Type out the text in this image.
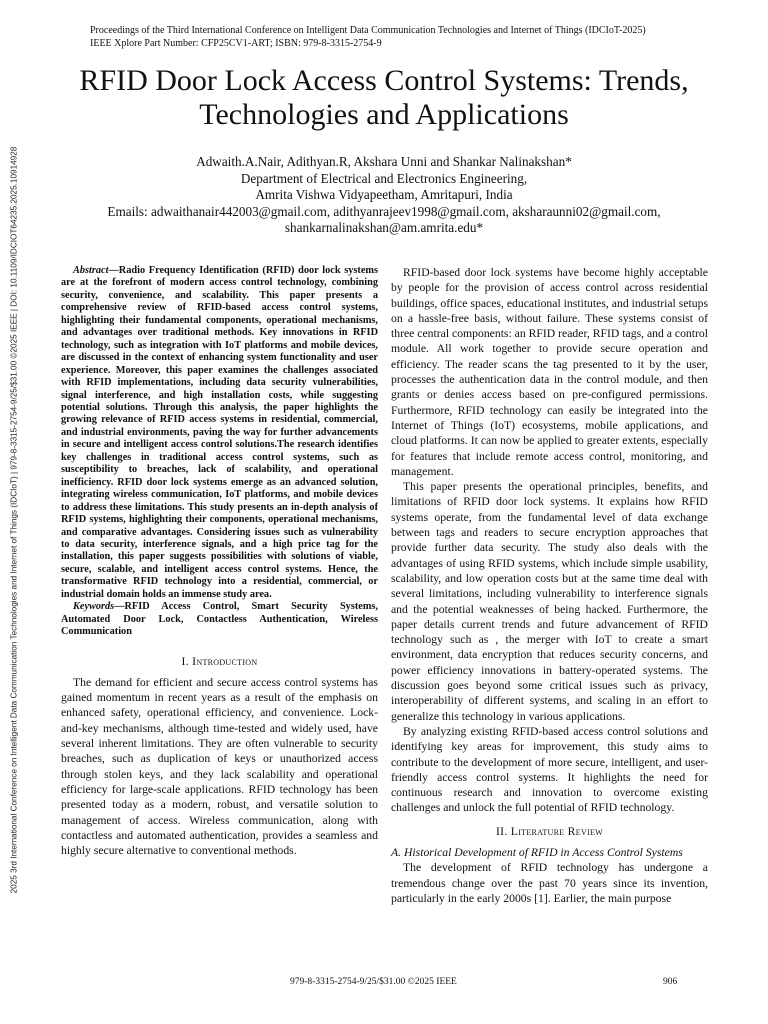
Proceedings of the Third International Conference on Intelligent Data Communication Technologies and Internet of Things (IDCIoT-2025)
IEEE Xplore Part Number: CFP25CV1-ART; ISBN: 979-8-3315-2754-9
2025 3rd International Conference on Intelligent Data Communication Technologies and Internet of Things (IDCIoT) | 979-8-3315-2754-9/25/$31.00 ©2025 IEEE | DOI: 10.1109/IDCIOT64235.2025.10914928
RFID Door Lock Access Control Systems: Trends,
Technologies and Applications
Adwaith.A.Nair, Adithyan.R, Akshara Unni and Shankar Nalinakshan*
Department of Electrical and Electronics Engineering,
Amrita Vishwa Vidyapeetham, Amritapuri, India
Emails: adwaithanair442003@gmail.com, adithyanrajeev1998@gmail.com, aksharaunni02@gmail.com,
shankarnalinakshan@am.amrita.edu*

Abstract—Radio Frequency Identification (RFID) door lock systems are at the forefront of modern access control technology, combining security, convenience, and scalability. This paper presents a comprehensive review of RFID-based access control systems, highlighting their fundamental components, operational mechanisms, and advantages over traditional methods. Key innovations in RFID technology, such as integration with IoT platforms and mobile devices, are discussed in the context of enhancing system functionality and user experience. Moreover, this paper examines the challenges associated with RFID implementations, including data security vulnerabilities, signal interference, and high installation costs, while suggesting potential solutions. Through this analysis, the paper highlights the growing relevance of RFID access systems in residential, commercial, and industrial environments, paving the way for further advancements in secure and intelligent access control solutions.The research identifies key challenges in traditional access control systems, such as susceptibility to breaches, lack of scalability, and operational inefficiency. RFID door lock systems emerge as an advanced solution, integrating wireless communication, IoT platforms, and mobile devices to address these limitations. This study presents an in-depth analysis of RFID systems, highlighting their components, operational mechanisms, and comparative advantages. Considering issues such as vulnerability to data security, interference signals, and a high price tag for the installation, this paper suggests possibilities with solutions of viable, secure, scalable, and intelligent access control systems. Hence, the transformative RFID technology into a residential, commercial, or industrial domain holds an immense study area.

Keywords—RFID Access Control, Smart Security Systems, Automated Door Lock, Contactless Authentication, Wireless Communication

I. Introduction

The demand for efficient and secure access control systems has gained momentum in recent years as a result of the emphasis on enhanced safety, operational efficiency, and convenience. Lock-and-key mechanisms, although time-tested and widely used, have several inherent limitations. They are often vulnerable to security breaches, such as duplication of keys or unauthorized access through stolen keys, and they lack scalability and operational efficiency for large-scale applications. RFID technology has been presented today as a modern, robust, and versatile solution to management of access. Wireless communication, along with contactless and automated authentication, provides a seamless and highly secure alternative to conventional methods.

RFID-based door lock systems have become highly acceptable by people for the provision of access control across residential buildings, office spaces, educational institutes, and industrial setups on a hassle-free basis, without failure. These systems consist of three central components: an RFID reader, RFID tags, and a control module. All work together to provide secure operation and efficiency. The reader scans the tag presented to it by the user, processes the authentication data in the control module, and then grants or denies access based on pre-configured permissions. Furthermore, RFID technology can easily be integrated into the Internet of Things (IoT) ecosystems, mobile applications, and cloud platforms. It can now be applied to greater extents, especially for features that include remote access control, monitoring, and management.

This paper presents the operational principles, benefits, and limitations of RFID door lock systems. It explains how RFID systems operate, from the fundamental level of data exchange between tags and readers to secure encryption approaches that provide further data security. The study also deals with the advantages of using RFID systems, which include simple usability, scalability, and low operation costs but at the same time deal with several limitations, including vulnerability to interference signals and the potential weaknesses of being hacked. Furthermore, the paper details current trends and future advancement of RFID technology such as , the merger with IoT to create a smart environment, data encryption that reduces security concerns, and power efficiency innovations in battery-operated systems. The discussion goes beyond some critical issues such as privacy, interoperability of different systems, and scaling in an effort to generalize this technology in various applications.

By analyzing existing RFID-based access control solutions and identifying key areas for improvement, this study aims to contribute to the development of more secure, intelligent, and user-friendly access control systems. It highlights the need for continuous research and innovation to overcome existing challenges and unlock the full potential of RFID technology.

II. Literature Review

A. Historical Development of RFID in Access Control Systems

The development of RFID technology has undergone a tremendous change over the past 70 years since its invention, particularly in the early 2000s [1]. Earlier, the main purpose

979-8-3315-2754-9/25/$31.00 ©2025 IEEE	906
